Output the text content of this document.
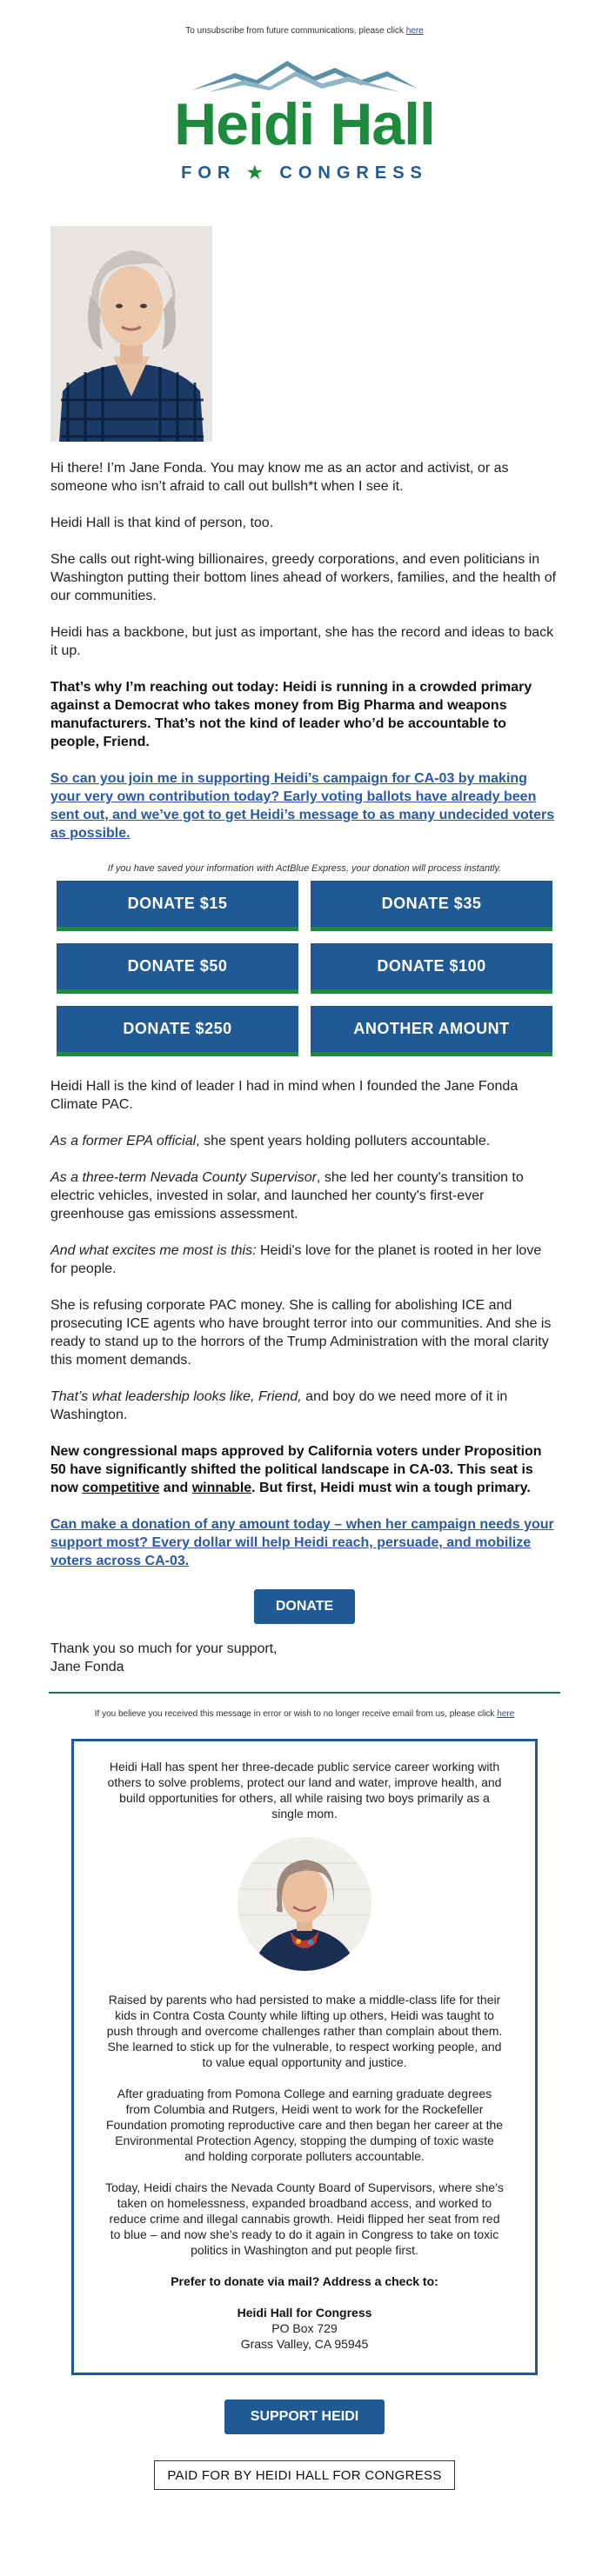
To unsubscribe from future communications, please click here
Heidi Hall
FOR ★ CONGRESS

Hi there! I’m Jane Fonda. You may know me as an actor and activist, or as someone who isn’t afraid to call out bullsh*t when I see it.

Heidi Hall is that kind of person, too.

She calls out right-wing billionaires, greedy corporations, and even politicians in Washington putting their bottom lines ahead of workers, families, and the health of our communities.

Heidi has a backbone, but just as important, she has the record and ideas to back it up.

That’s why I’m reaching out today: Heidi is running in a crowded primary against a Democrat who takes money from Big Pharma and weapons manufacturers. That’s not the kind of leader who’d be accountable to people, Friend.

So can you join me in supporting Heidi’s campaign for CA-03 by making your very own contribution today? Early voting ballots have already been sent out, and we’ve got to get Heidi’s message to as many undecided voters as possible.

If you have saved your information with ActBlue Express, your donation will process instantly.
DONATE $15	DONATE $35
DONATE $50	DONATE $100
DONATE $250	ANOTHER AMOUNT

Heidi Hall is the kind of leader I had in mind when I founded the Jane Fonda Climate PAC.

As a former EPA official, she spent years holding polluters accountable.

As a three-term Nevada County Supervisor, she led her county's transition to electric vehicles, invested in solar, and launched her county's first-ever greenhouse gas emissions assessment.

And what excites me most is this: Heidi's love for the planet is rooted in her love for people.

She is refusing corporate PAC money. She is calling for abolishing ICE and prosecuting ICE agents who have brought terror into our communities. And she is ready to stand up to the horrors of the Trump Administration with the moral clarity this moment demands.

That’s what leadership looks like, Friend, and boy do we need more of it in Washington.

New congressional maps approved by California voters under Proposition 50 have significantly shifted the political landscape in CA-03. This seat is now competitive and winnable. But first, Heidi must win a tough primary.

Can make a donation of any amount today – when her campaign needs your support most? Every dollar will help Heidi reach, persuade, and mobilize voters across CA-03.

DONATE
Thank you so much for your support,
Jane Fonda
If you believe you received this message in error or wish to no longer receive email from us, please click here

Heidi Hall has spent her three-decade public service career working with others to solve problems, protect our land and water, improve health, and build opportunities for others, all while raising two boys primarily as a single mom.

Raised by parents who had persisted to make a middle-class life for their kids in Contra Costa County while lifting up others, Heidi was taught to push through and overcome challenges rather than complain about them. She learned to stick up for the vulnerable, to respect working people, and to value equal opportunity and justice.

After graduating from Pomona College and earning graduate degrees from Columbia and Rutgers, Heidi went to work for the Rockefeller Foundation promoting reproductive care and then began her career at the Environmental Protection Agency, stopping the dumping of toxic waste and holding corporate polluters accountable.

Today, Heidi chairs the Nevada County Board of Supervisors, where she’s taken on homelessness, expanded broadband access, and worked to reduce crime and illegal cannabis growth. Heidi flipped her seat from red to blue – and now she’s ready to do it again in Congress to take on toxic politics in Washington and put people first.

Prefer to donate via mail? Address a check to:

Heidi Hall for Congress
PO Box 729
Grass Valley, CA 95945
SUPPORT HEIDI
PAID FOR BY HEIDI HALL FOR CONGRESS
